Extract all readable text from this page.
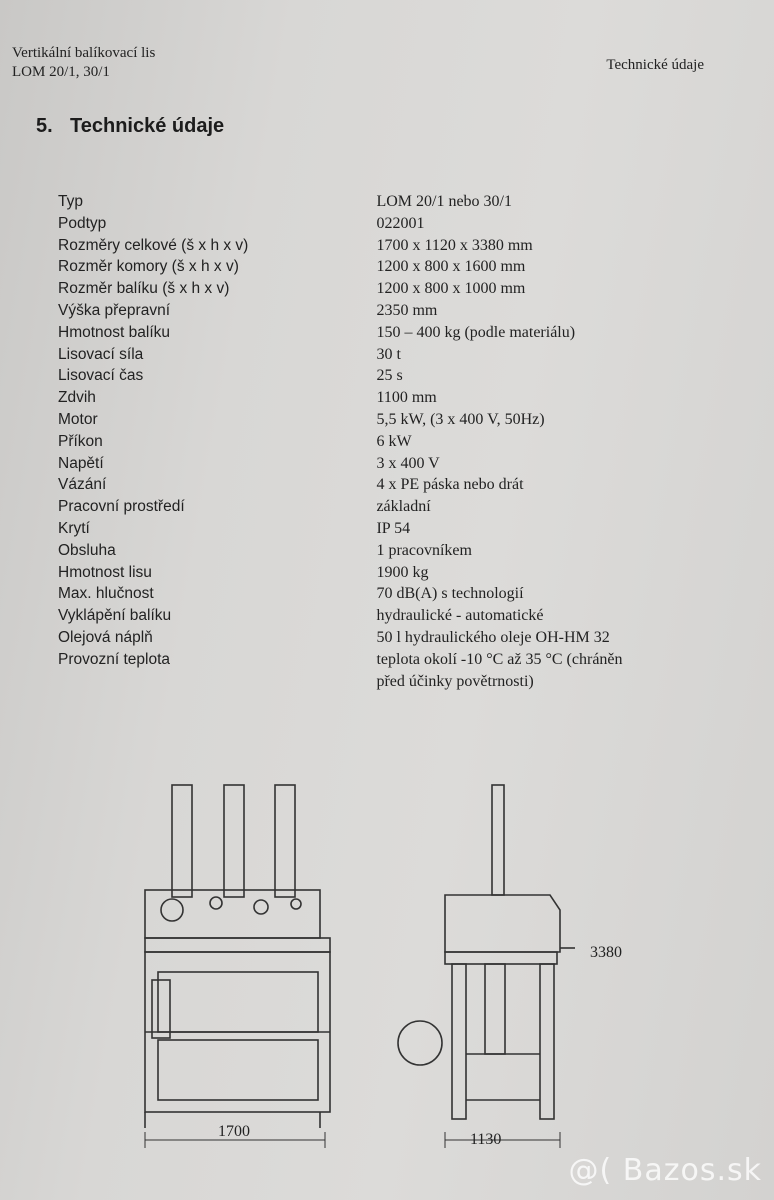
Vertikální balíkovací lis
LOM 20/1, 30/1	Technické údaje
5. Technické údaje
Typ	LOM 20/1 nebo 30/1
Podtyp	022001
Rozměry celkové (š x h x v)	1700 x 1120 x 3380 mm
Rozměr komory (š x h x v)	1200 x 800 x 1600 mm
Rozměr balíku (š x h x v)	1200 x 800 x 1000 mm
Výška přepravní	2350 mm
Hmotnost balíku	150 – 400 kg (podle materiálu)
Lisovací síla	30 t
Lisovací čas	25 s
Zdvih	1100 mm
Motor	5,5 kW, (3 x 400 V, 50Hz)
Příkon	6 kW
Napětí	3 x 400 V
Vázání	4 x PE páska nebo drát
Pracovní prostředí	základní
Krytí	IP 54
Obsluha	1 pracovníkem
Hmotnost lisu	1900 kg
Max. hlučnost	70 dB(A) s technologií
Vyklápění balíku	hydraulické - automatické
Olejová náplň	50 l hydraulického oleje OH-HM 32
Provozní teplota	teplota okolí -10 °C až 35 °C (chráněn
před účinky povětrnosti)
1700	1130
3380
@( Bazos.sk
